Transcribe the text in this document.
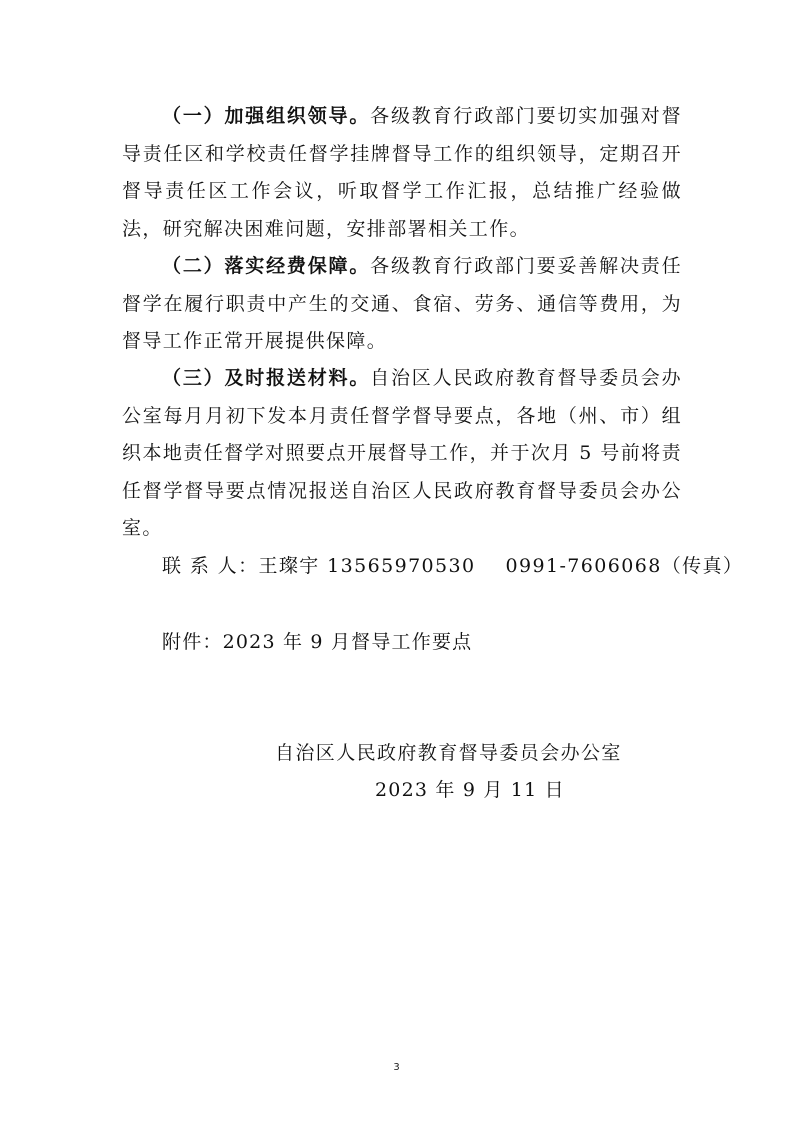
（一）加强组织领导。各级教育行政部门要切实加强对督导责任区和学校责任督学挂牌督导工作的组织领导，定期召开督导责任区工作会议，听取督学工作汇报，总结推广经验做法，研究解决困难问题，安排部署相关工作。

（二）落实经费保障。各级教育行政部门要妥善解决责任督学在履行职责中产生的交通、食宿、劳务、通信等费用，为督导工作正常开展提供保障。

（三）及时报送材料。自治区人民政府教育督导委员会办公室每月月初下发本月责任督学督导要点，各地（州、市）组织本地责任督学对照要点开展督导工作，并于次月 5 号前将责任督学督导要点情况报送自治区人民政府教育督导委员会办公室。

联 系 人：王璨宇 13565970530 0991-7606068（传真）
附件：2023 年 9 月督导工作要点
自治区人民政府教育督导委员会办公室
2023 年 9 月 11 日
3
